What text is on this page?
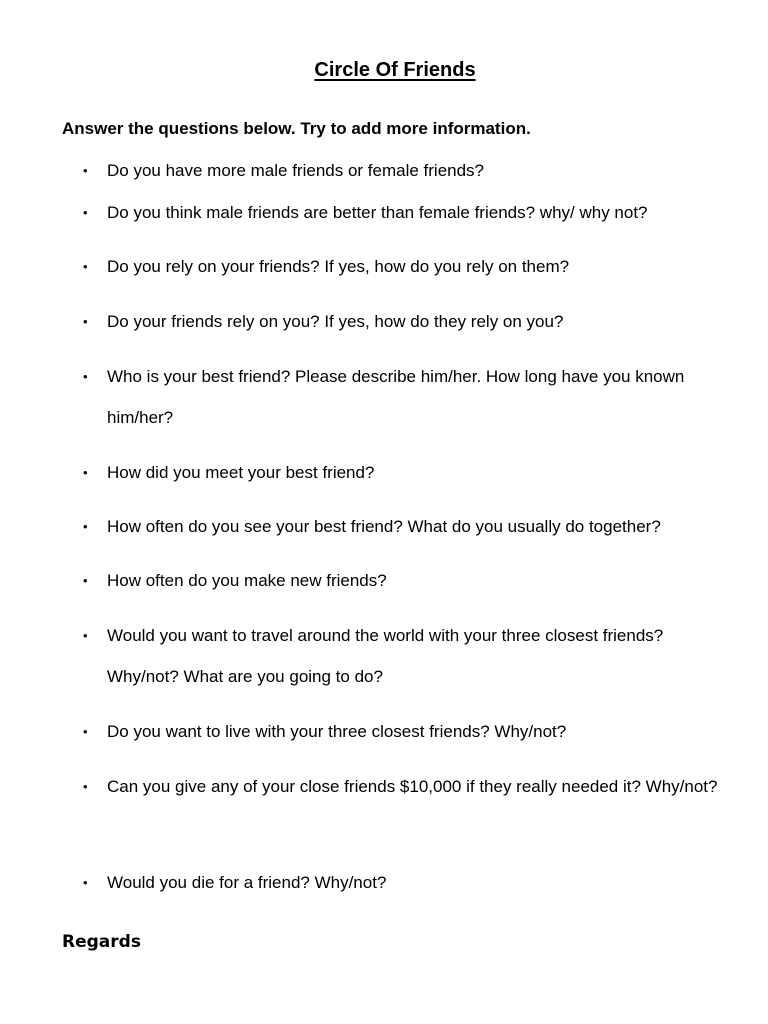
Circle Of Friends

Answer the questions below. Try to add more information.

• Do you have more male friends or female friends?
• Do you think male friends are better than female friends? why/ why not?
• Do you rely on your friends? If yes, how do you rely on them?
• Do your friends rely on you? If yes, how do they rely on you?
• Who is your best friend? Please describe him/her. How long have you known him/her?
• How did you meet your best friend?
• How often do you see your best friend? What do you usually do together?
• How often do you make new friends?
• Would you want to travel around the world with your three closest friends? Why/not? What are you going to do?
• Do you want to live with your three closest friends? Why/not?
• Can you give any of your close friends $10,000 if they really needed it? Why/not?
• Would you die for a friend? Why/not?

Regards
